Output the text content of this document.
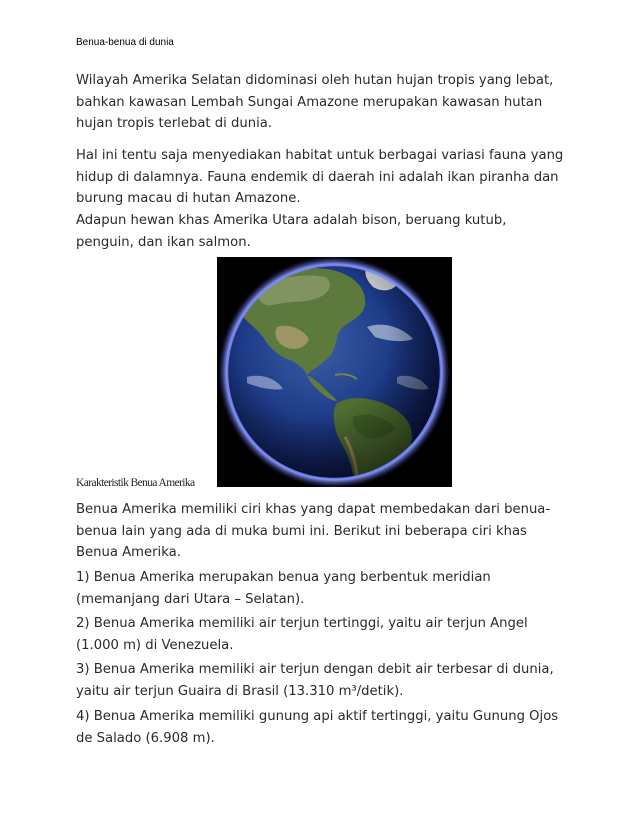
Benua-benua di dunia

Wilayah Amerika Selatan didominasi oleh hutan hujan tropis yang lebat, bahkan kawasan Lembah Sungai Amazone merupakan kawasan hutan hujan tropis terlebat di dunia.

Hal ini tentu saja menyediakan habitat untuk berbagai variasi fauna yang hidup di dalamnya. Fauna endemik di daerah ini adalah ikan piranha dan burung macau di hutan Amazone.

Adapun hewan khas Amerika Utara adalah bison, beruang kutub, penguin, dan ikan salmon.

Karakteristik Benua Amerika

Benua Amerika memiliki ciri khas yang dapat membedakan dari benua-benua lain yang ada di muka bumi ini. Berikut ini beberapa ciri khas Benua Amerika.

1) Benua Amerika merupakan benua yang berbentuk meridian (memanjang dari Utara – Selatan).

2) Benua Amerika memiliki air terjun tertinggi, yaitu air terjun Angel (1.000 m) di Venezuela.

3) Benua Amerika memiliki air terjun dengan debit air terbesar di dunia, yaitu air terjun Guaira di Brasil (13.310 m³/detik).

4) Benua Amerika memiliki gunung api aktif tertinggi, yaitu Gunung Ojos de Salado (6.908 m).
